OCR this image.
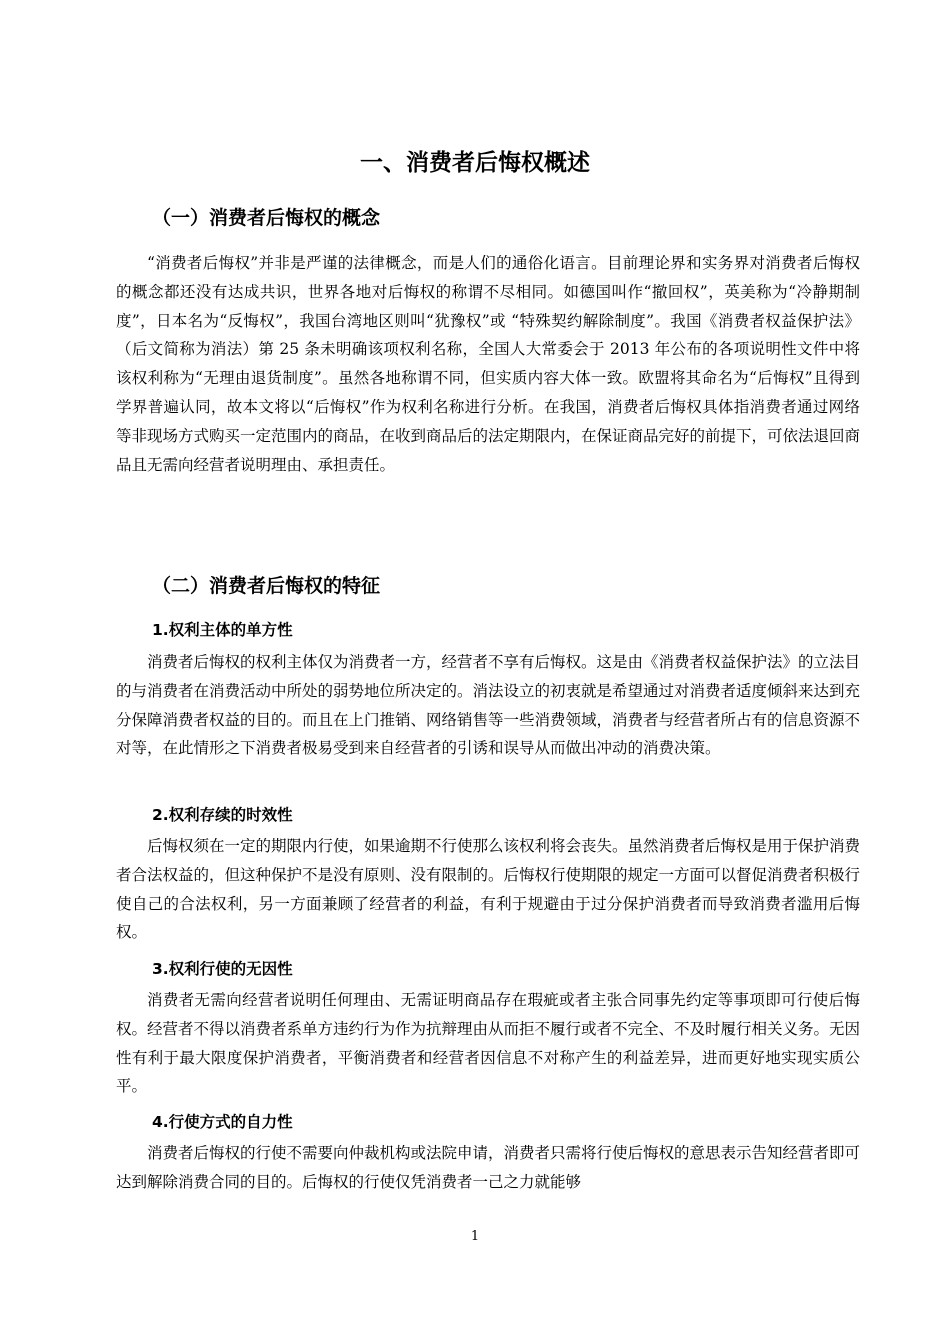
一、消费者后悔权概述
（一）消费者后悔权的概念

“消费者后悔权”并非是严谨的法律概念，而是人们的通俗化语言。目前理论界和实务界对消费者后悔权的概念都还没有达成共识，世界各地对后悔权的称谓不尽相同。如德国叫作“撤回权”，英美称为“冷静期制度”，日本名为“反悔权”，我国台湾地区则叫“犹豫权”或 “特殊契约解除制度”。我国《消费者权益保护法》（后文简称为消法）第 25 条未明确该项权利名称，全国人大常委会于 2013 年公布的各项说明性文件中将该权利称为“无理由退货制度”。虽然各地称谓不同，但实质内容大体一致。欧盟将其命名为“后悔权”且得到学界普遍认同，故本文将以“后悔权”作为权利名称进行分析。在我国，消费者后悔权具体指消费者通过网络等非现场方式购买一定范围内的商品，在收到商品后的法定期限内，在保证商品完好的前提下，可依法退回商品且无需向经营者说明理由、承担责任。

（二）消费者后悔权的特征
1.权利主体的单方性

消费者后悔权的权利主体仅为消费者一方，经营者不享有后悔权。这是由《消费者权益保护法》的立法目的与消费者在消费活动中所处的弱势地位所决定的。消法设立的初衷就是希望通过对消费者适度倾斜来达到充分保障消费者权益的目的。而且在上门推销、网络销售等一些消费领域，消费者与经营者所占有的信息资源不对等，在此情形之下消费者极易受到来自经营者的引诱和误导从而做出冲动的消费决策。

2.权利存续的时效性

后悔权须在一定的期限内行使，如果逾期不行使那么该权利将会丧失。虽然消费者后悔权是用于保护消费者合法权益的，但这种保护不是没有原则、没有限制的。后悔权行使期限的规定一方面可以督促消费者积极行使自己的合法权利，另一方面兼顾了经营者的利益，有利于规避由于过分保护消费者而导致消费者滥用后悔权。

3.权利行使的无因性

消费者无需向经营者说明任何理由、无需证明商品存在瑕疵或者主张合同事先约定等事项即可行使后悔权。经营者不得以消费者系单方违约行为作为抗辩理由从而拒不履行或者不完全、不及时履行相关义务。无因性有利于最大限度保护消费者，平衡消费者和经营者因信息不对称产生的利益差异，进而更好地实现实质公平。

4.行使方式的自力性

消费者后悔权的行使不需要向仲裁机构或法院申请，消费者只需将行使后悔权的意思表示告知经营者即可达到解除消费合同的目的。后悔权的行使仅凭消费者一己之力就能够

1
